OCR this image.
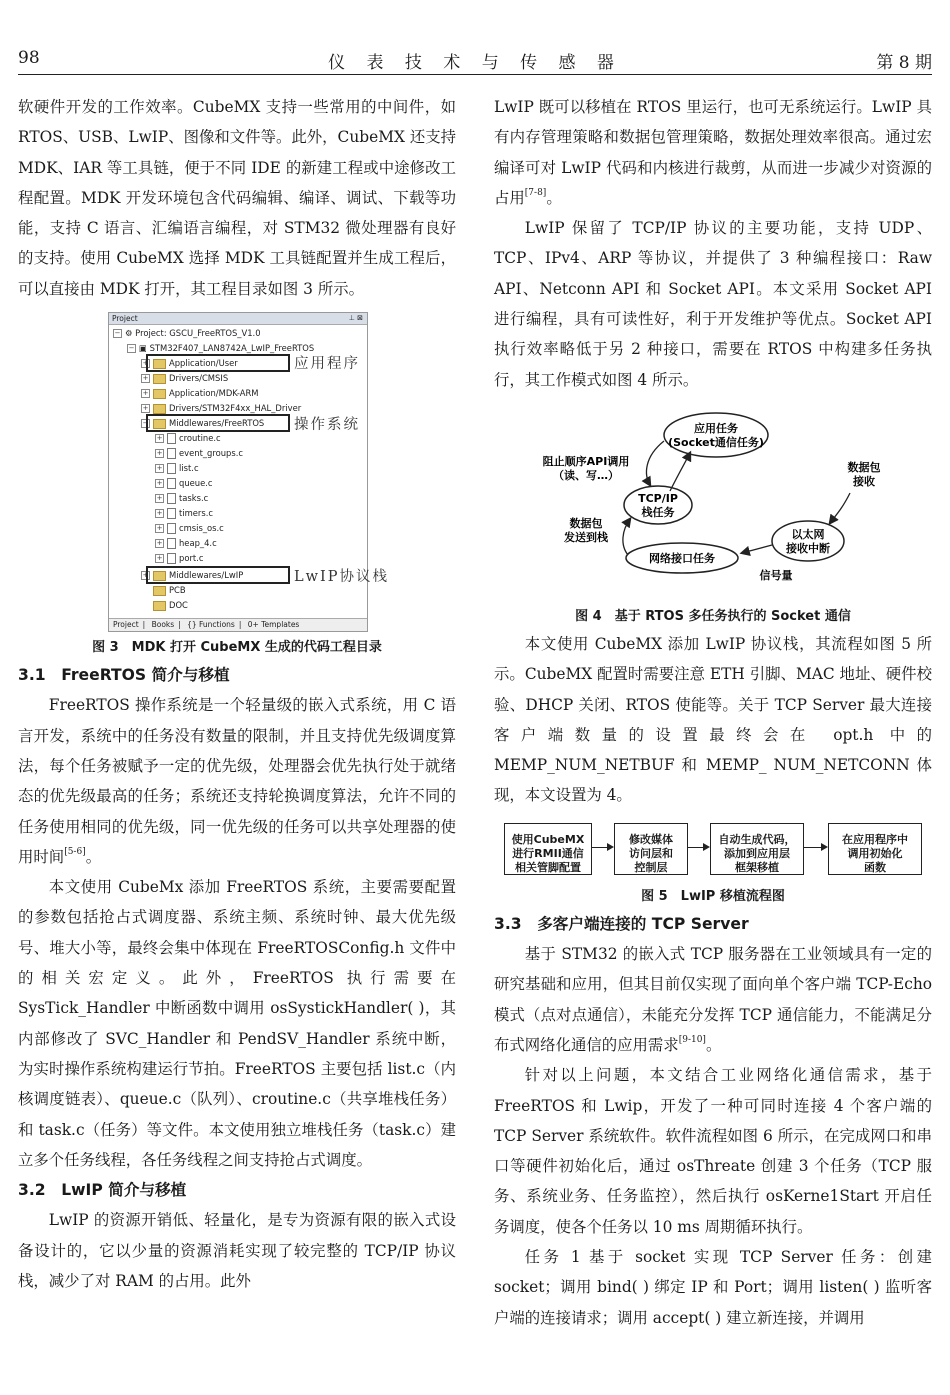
98	仪 表 技 术 与 传 感 器	第 8 期

软硬件开发的工作效率。CubeMX 支持一些常用的中间件，如 RTOS、USB、LwIP、图像和文件等。此外，CubeMX 还支持 MDK、IAR 等工具链，便于不同 IDE 的新建工程或中途修改工程配置。MDK 开发环境包含代码编辑、编译、调试、下载等功能，支持 C 语言、汇编语言编程，对 STM32 微处理器有良好的支持。使用 CubeMX 选择 MDK 工具链配置并生成工程后，可以直接由 MDK 打开，其工程目录如图 3 所示。

Project	⊥ ⊠
− ⚙ Project: GSCU_FreeRTOS_V1.0
− ▣ STM32F407_LAN8742A_LwIP_FreeRTOS
+ Application/User
+ Drivers/CMSIS
+ Application/MDK-ARM
+ Drivers/STM32F4xx_HAL_Driver
− Middlewares/FreeRTOS
+ croutine.c
+ event_groups.c
+ list.c
+ queue.c
+ tasks.c
+ timers.c
+ cmsis_os.c
+ heap_4.c
+ port.c
+ Middlewares/LwIP
PCB
DOC
Project | Books | {} Functions | 0+ Templates
应用程序
操作系统
LwIP协议栈
图 3　MDK 打开 CubeMX 生成的代码工程目录
3.1　FreeRTOS 简介与移植

FreeRTOS 操作系统是一个轻量级的嵌入式系统，用 C 语言开发，系统中的任务没有数量的限制，并且支持优先级调度算法，每个任务被赋予一定的优先级，处理器会优先执行处于就绪态的优先级最高的任务；系统还支持轮换调度算法，允许不同的任务使用相同的优先级，同一优先级的任务可以共享处理器的使用时间[5-6]。

本文使用 CubeMx 添加 FreeRTOS 系统，主要需要配置的参数包括抢占式调度器、系统主频、系统时钟、最大优先级号、堆大小等，最终会集中体现在 FreeRTOSConfig.h 文件中的相关宏定义。此外，FreeRTOS 执行需要在 SysTick_Handler 中断函数中调用 osSystickHandler( )，其内部修改了 SVC_Handler 和 PendSV_Handler 系统中断，为实时操作系统构建运行节拍。FreeRTOS 主要包括 list.c（内核调度链表）、queue.c（队列）、croutine.c（共享堆栈任务）和 task.c（任务）等文件。本文使用独立堆栈任务（task.c）建立多个任务线程，各任务线程之间支持抢占式调度。

3.2　LwIP 简介与移植

LwIP 的资源开销低、轻量化，是专为资源有限的嵌入式设备设计的，它以少量的资源消耗实现了较完整的 TCP/IP 协议栈，减少了对 RAM 的占用。此外

LwIP 既可以移植在 RTOS 里运行，也可无系统运行。LwIP 具有内存管理策略和数据包管理策略，数据处理效率很高。通过宏编译可对 LwIP 代码和内核进行裁剪，从而进一步减少对资源的占用[7-8]。

LwIP 保留了 TCP/IP 协议的主要功能，支持 UDP、TCP、IPv4、ARP 等协议，并提供了 3 种编程接口：Raw API、Netconn API 和 Socket API。本文采用 Socket API 进行编程，具有可读性好，利于开发维护等优点。Socket API 执行效率略低于另 2 种接口，需要在 RTOS 中构建多任务执行，其工作模式如图 4 所示。

应用任务
(Socket通信任务)
TCP/IP
栈任务
网络接口任务
以太网
接收中断
阻止顺序API调用
（读、写…）
数据包
接收
数据包
发送到栈
信号量
图 4　基于 RTOS 多任务执行的 Socket 通信

本文使用 CubeMX 添加 LwIP 协议栈，其流程如图 5 所示。CubeMX 配置时需要注意 ETH 引脚、MAC 地址、硬件校验、DHCP 关闭、RTOS 使能等。关于 TCP Server 最大连接客户端数量的设置最终会在 opt.h 中的 MEMP_NUM_NETBUF 和 MEMP_ NUM_NETCONN 体现，本文设置为 4。

使用CubeMX
进行RMII通信
相关管脚配置
修改媒体
访问层和
控制层
自动生成代码，
添加到应用层
框架移植
在应用程序中
调用初始化
函数
图 5　LwIP 移植流程图
3.3　多客户端连接的 TCP Server

基于 STM32 的嵌入式 TCP 服务器在工业领域具有一定的研究基础和应用，但其目前仅实现了面向单个客户端 TCP-Echo 模式（点对点通信），未能充分发挥 TCP 通信能力，不能满足分布式网络化通信的应用需求[9-10]。

针对以上问题，本文结合工业网络化通信需求，基于 FreeRTOS 和 Lwip，开发了一种可同时连接 4 个客户端的 TCP Server 系统软件。软件流程如图 6 所示，在完成网口和串口等硬件初始化后，通过 osThreate 创建 3 个任务（TCP 服务、系统业务、任务监控），然后执行 osKerne1Start 开启任务调度，使各个任务以 10 ms 周期循环执行。

任务 1 基于 socket 实现 TCP Server 任务：创建 socket；调用 bind( ) 绑定 IP 和 Port；调用 listen( ) 监听客户端的连接请求；调用 accept( ) 建立新连接，并调用
